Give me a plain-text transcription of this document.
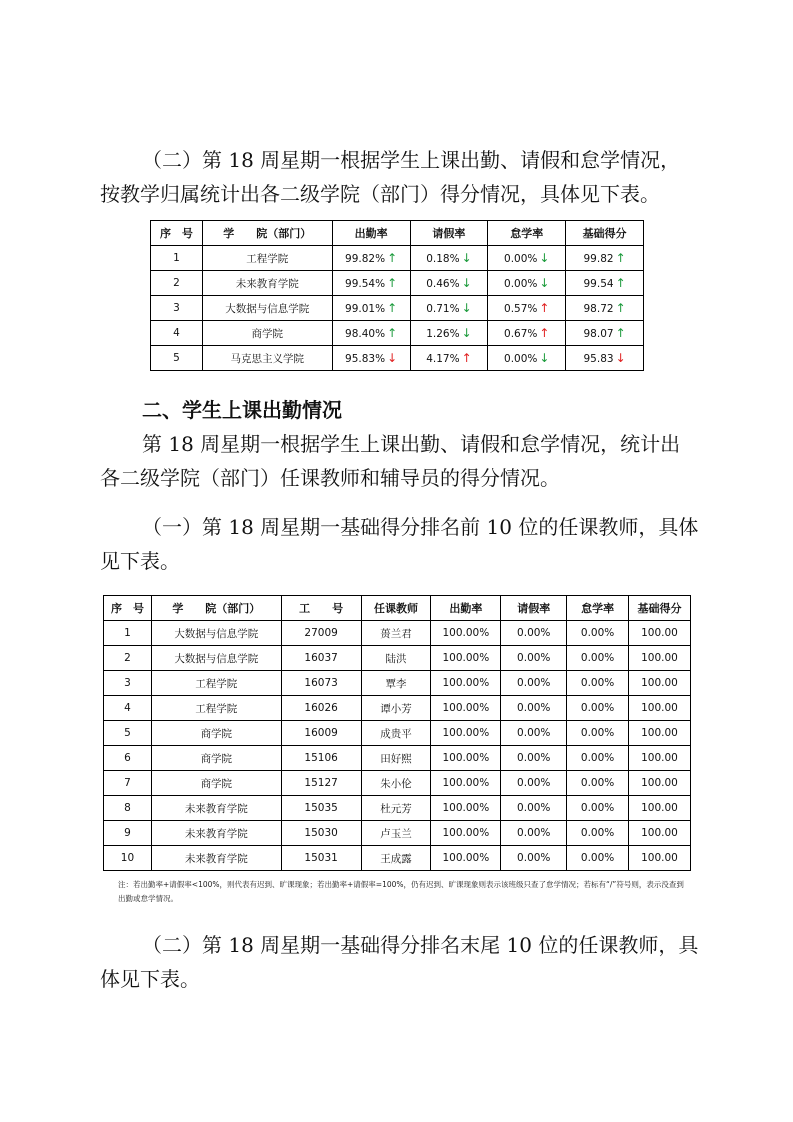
（二）第 18 周星期一根据学生上课出勤、请假和怠学情况，按教学归属统计出各二级学院（部门）得分情况，具体见下表。

序　号	学　　院（部门）	出勤率	请假率	怠学率	基础得分
1	工程学院	99.82% ↑	0.18% ↓	0.00% ↓	99.82 ↑
2	未来教育学院	99.54% ↑	0.46% ↓	0.00% ↓	99.54 ↑
3	大数据与信息学院	99.01% ↑	0.71% ↓	0.57% ↑	98.72 ↑
4	商学院	98.40% ↑	1.26% ↓	0.67% ↑	98.07 ↑
5	马克思主义学院	95.83% ↓	4.17% ↑	0.00% ↓	95.83 ↓

二、学生上课出勤情况

第 18 周星期一根据学生上课出勤、请假和怠学情况，统计出各二级学院（部门）任课教师和辅导员的得分情况。

（一）第 18 周星期一基础得分排名前 10 位的任课教师，具体见下表。

序　号	学　　院（部门）	工　　号	任课教师	出勤率	请假率	怠学率	基础得分
1	大数据与信息学院	27009	蒉兰君	100.00%	0.00%	0.00%	100.00
2	大数据与信息学院	16037	陆洪	100.00%	0.00%	0.00%	100.00
3	工程学院	16073	覃李	100.00%	0.00%	0.00%	100.00
4	工程学院	16026	谭小芳	100.00%	0.00%	0.00%	100.00
5	商学院	16009	成贵平	100.00%	0.00%	0.00%	100.00
6	商学院	15106	田好熙	100.00%	0.00%	0.00%	100.00
7	商学院	15127	朱小伦	100.00%	0.00%	0.00%	100.00
8	未来教育学院	15035	杜元芳	100.00%	0.00%	0.00%	100.00
9	未来教育学院	15030	卢玉兰	100.00%	0.00%	0.00%	100.00
10	未来教育学院	15031	王成露	100.00%	0.00%	0.00%	100.00
注：若出勤率+请假率<100%，则代表有迟到、旷课现象；若出勤率+请假率=100%，仍有迟到、旷课现象则表示该班级只查了怠学情况；若标有“/”符号则，表示没查到出勤或怠学情况。

（二）第 18 周星期一基础得分排名末尾 10 位的任课教师，具体见下表。
